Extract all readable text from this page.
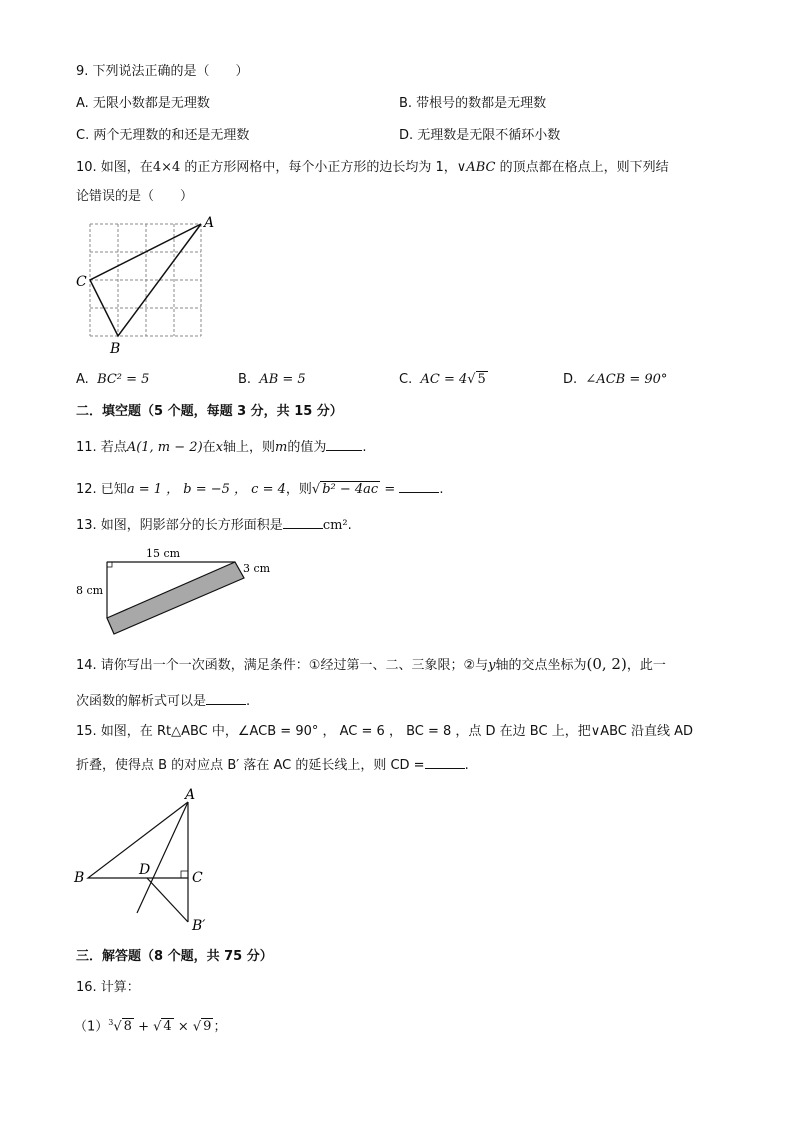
9. 下列说法正确的是（　　）
A. 无限小数都是无理数	B. 带根号的数都是无理数
C. 两个无理数的和还是无理数	D. 无理数是无限不循环小数
10. 如图，在4×4 的正方形网格中，每个小正方形的边长均为 1，∨ABC 的顶点都在格点上，则下列结
论错误的是（　　）
A
C
B
A. BC² = 5	B. AB = 5	C. AC = 4√ 5	D. ∠ACB = 90°
二．填空题（5 个题，每题 3 分，共 15 分）
11. 若点A(1, m − 2)在x轴上，则m的值为	.
12. 已知a = 1 ， b = −5 ， c = 4，则√ b² − 4ac =	.
13. 如图，阴影部分的长方形面积是	cm².
15 cm
8 cm
3 cm
14. 请你写出一个一次函数，满足条件：①经过第一、二、三象限；②与y轴的交点坐标为(0, 2)，此一
次函数的解析式可以是	.
15. 如图，在 Rt△ABC 中，∠ACB = 90° ， AC = 6 ， BC = 8 ，点 D 在边 BC 上，把∨ABC 沿直线 AD
折叠，使得点 B 的对应点 B′ 落在 AC 的延长线上，则 CD =	.
A
B	D	C
B′
三．解答题（8 个题，共 75 分）
16. 计算：
$(1)^3√$ 8 + √ 4 × √ 9 ；
